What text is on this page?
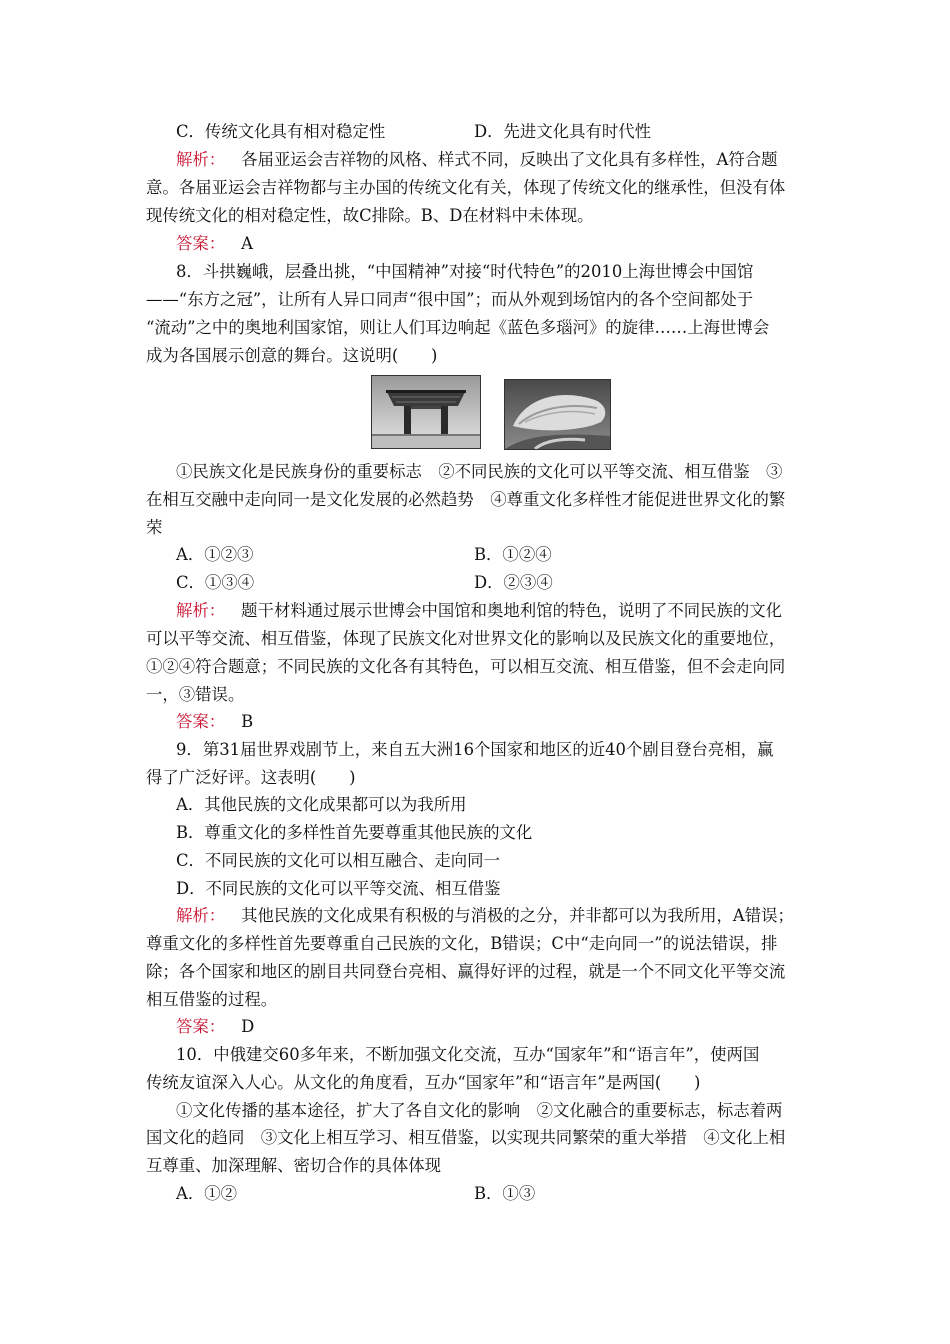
C．传统文化具有相对稳定性	D．先进文化具有时代性
解析： 各届亚运会吉祥物的风格、样式不同，反映出了文化具有多样性，A符合题
意。各届亚运会吉祥物都与主办国的传统文化有关，体现了传统文化的继承性，但没有体
现传统文化的相对稳定性，故C排除。B、D在材料中未体现。
答案： A
8．斗拱巍峨，层叠出挑，“中国精神”对接“时代特色”的2010上海世博会中国馆
——“东方之冠”，让所有人异口同声“很中国”；而从外观到场馆内的各个空间都处于
“流动”之中的奥地利国家馆，则让人们耳边响起《蓝色多瑙河》的旋律……上海世博会
成为各国展示创意的舞台。这说明(　　)
①民族文化是民族身份的重要标志　②不同民族的文化可以平等交流、相互借鉴　③
在相互交融中走向同一是文化发展的必然趋势　④尊重文化多样性才能促进世界文化的繁
荣
A．①②③	B．①②④
C．①③④	D．②③④
解析： 题干材料通过展示世博会中国馆和奥地利馆的特色，说明了不同民族的文化
可以平等交流、相互借鉴，体现了民族文化对世界文化的影响以及民族文化的重要地位，
①②④符合题意；不同民族的文化各有其特色，可以相互交流、相互借鉴，但不会走向同
一，③错误。
答案： B
9．第31届世界戏剧节上，来自五大洲16个国家和地区的近40个剧目登台亮相，赢
得了广泛好评。这表明(　　)
A．其他民族的文化成果都可以为我所用
B．尊重文化的多样性首先要尊重其他民族的文化
C．不同民族的文化可以相互融合、走向同一
D．不同民族的文化可以平等交流、相互借鉴
解析： 其他民族的文化成果有积极的与消极的之分，并非都可以为我所用，A错误；
尊重文化的多样性首先要尊重自己民族的文化，B错误；C中“走向同一”的说法错误，排
除；各个国家和地区的剧目共同登台亮相、赢得好评的过程，就是一个不同文化平等交流
相互借鉴的过程。
答案： D
10．中俄建交60多年来，不断加强文化交流，互办“国家年”和“语言年”，使两国
传统友谊深入人心。从文化的角度看，互办“国家年”和“语言年”是两国(　　)
①文化传播的基本途径，扩大了各自文化的影响　②文化融合的重要标志，标志着两
国文化的趋同　③文化上相互学习、相互借鉴，以实现共同繁荣的重大举措　④文化上相
互尊重、加深理解、密切合作的具体体现
A．①②	B．①③
